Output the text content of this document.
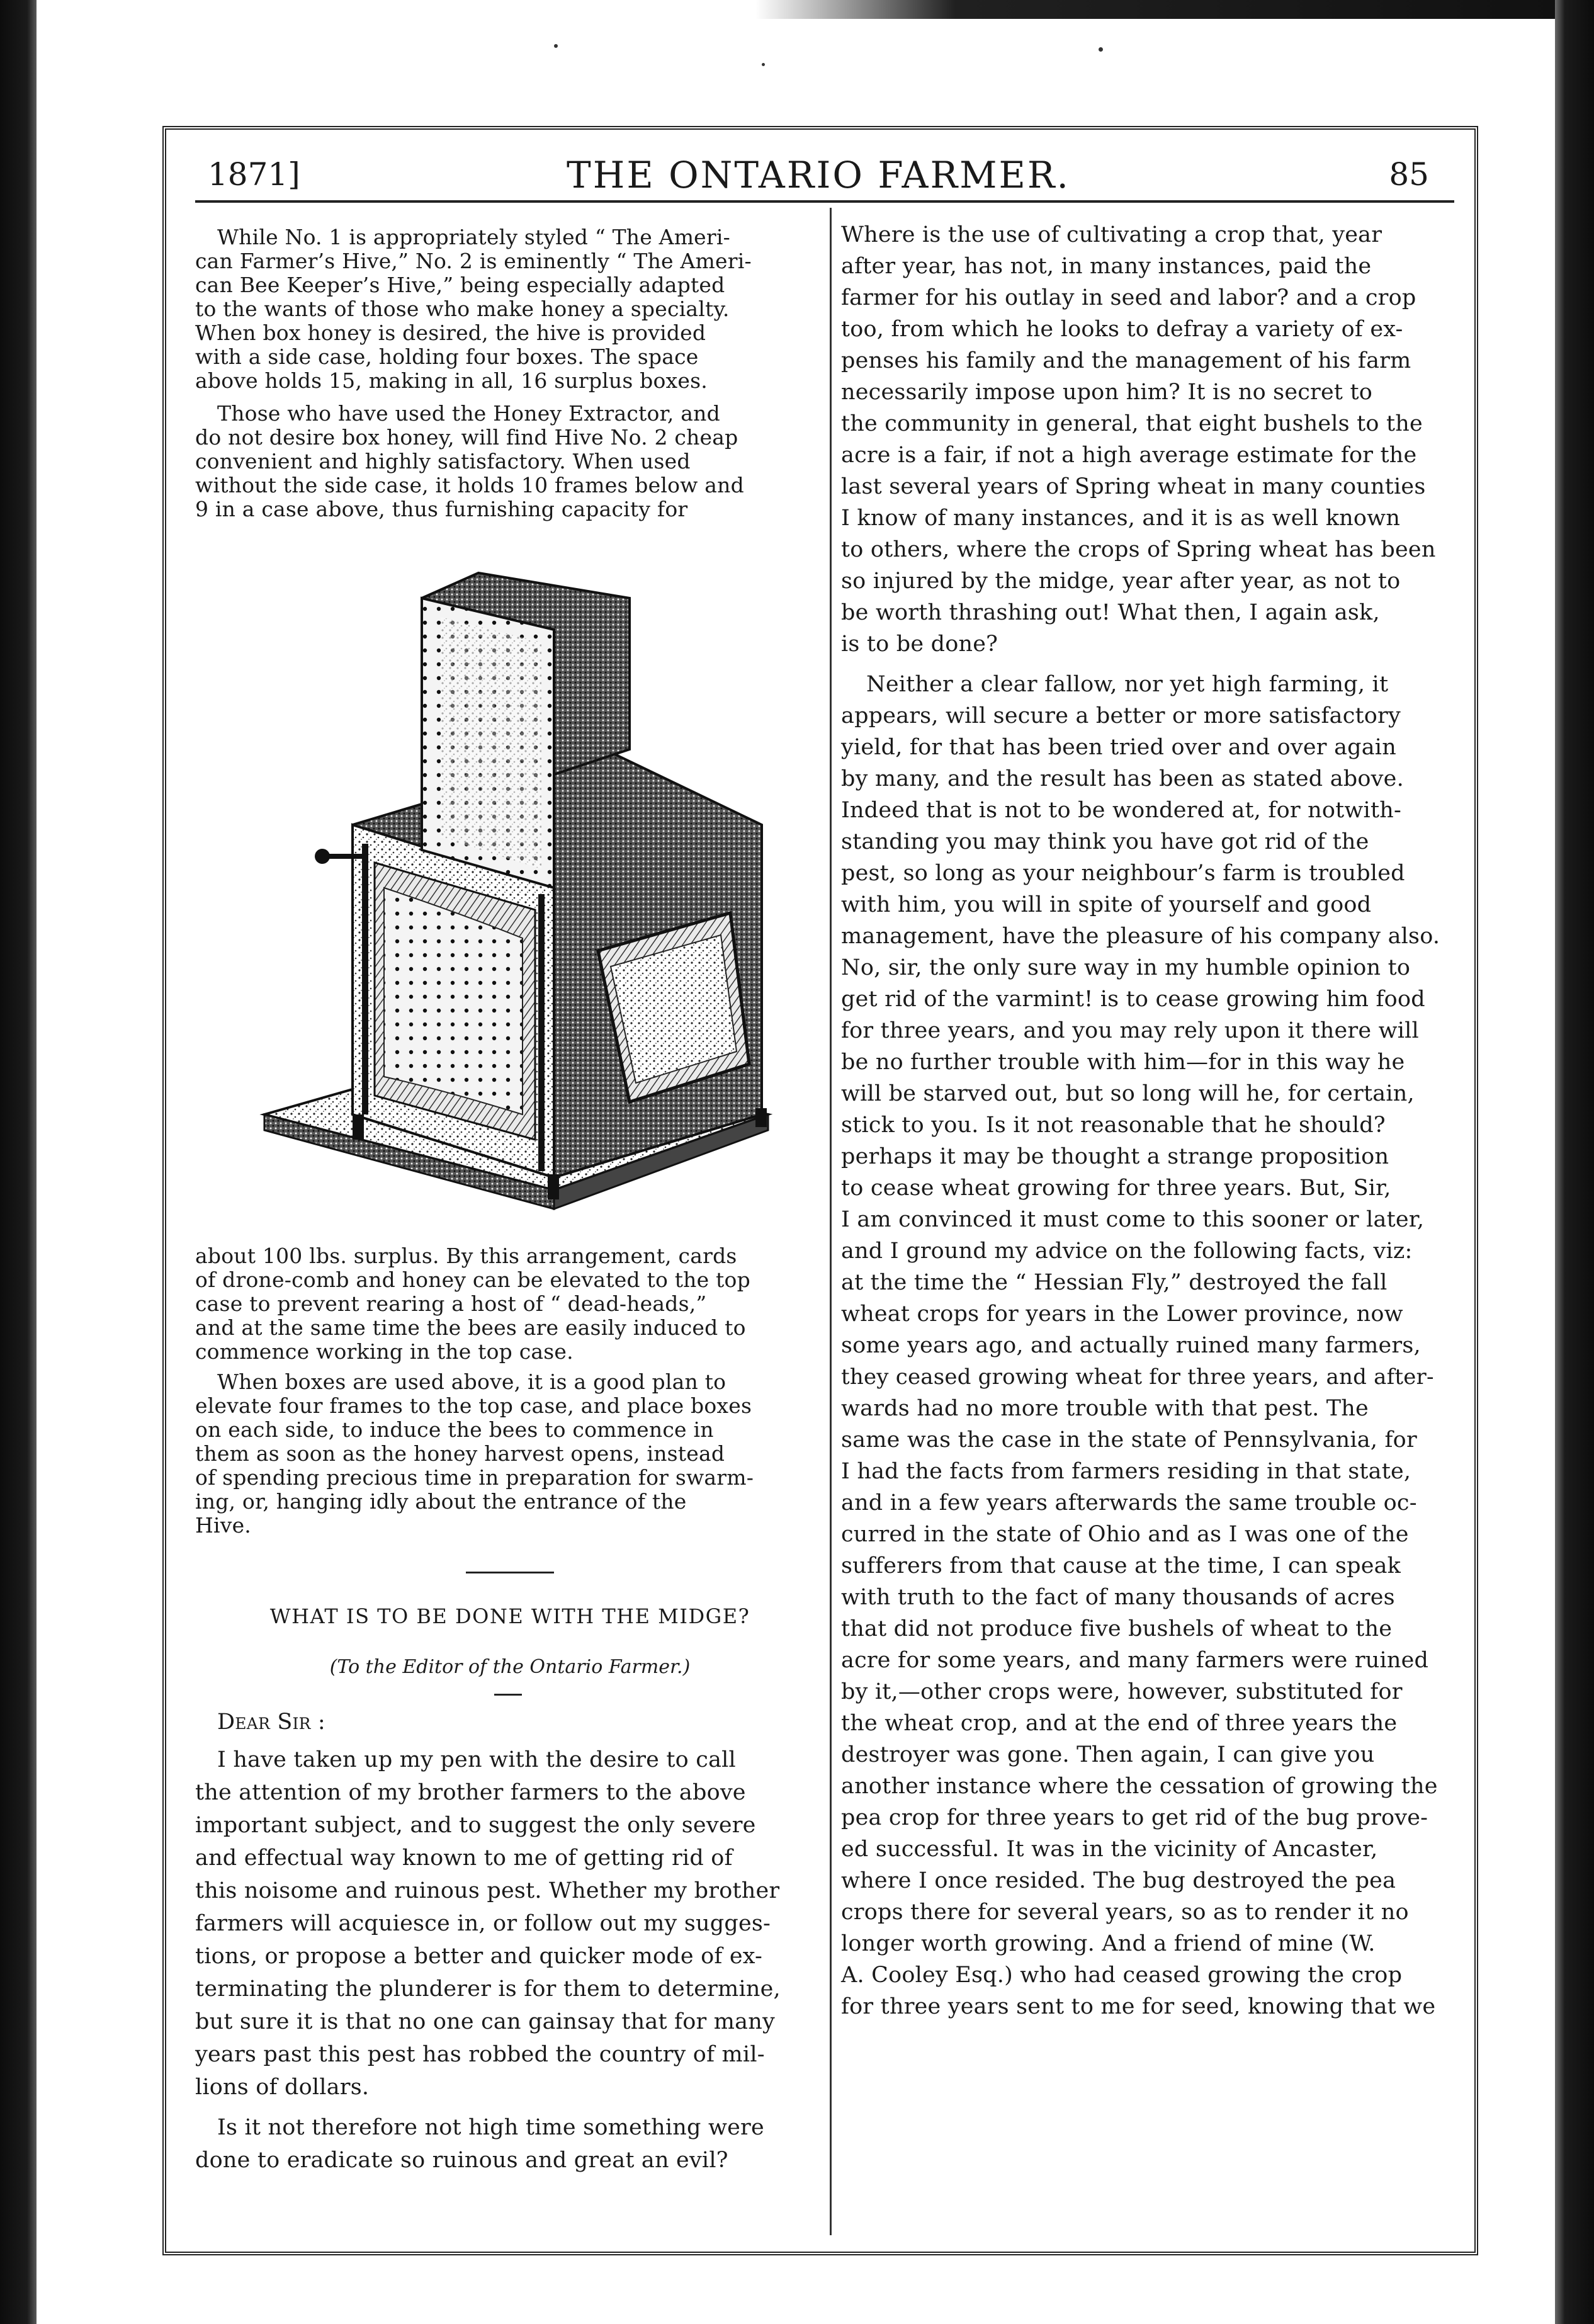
1871]	THE ONTARIO FARMER.	85
While No. 1 is appropriately styled “ The Ameri-
can Farmer’s Hive,” No. 2 is eminently “ The Ameri-
can Bee Keeper’s Hive,” being especially adapted
to the wants of those who make honey a specialty.
When box honey is desired, the hive is provided
with a side case, holding four boxes. The space
above holds 15, making in all, 16 surplus boxes.
Those who have used the Honey Extractor, and
do not desire box honey, will find Hive No. 2 cheap
convenient and highly satisfactory. When used
without the side case, it holds 10 frames below and
9 in a case above, thus furnishing capacity for
about 100 lbs. surplus. By this arrangement, cards
of drone-comb and honey can be elevated to the top
case to prevent rearing a host of “ dead-heads,”
and at the same time the bees are easily induced to
commence working in the top case.
When boxes are used above, it is a good plan to
elevate four frames to the top case, and place boxes
on each side, to induce the bees to commence in
them as soon as the honey harvest opens, instead
of spending precious time in preparation for swarm-
ing, or, hanging idly about the entrance of the
Hive.
WHAT IS TO BE DONE WITH THE MIDGE?
(To the Editor of the Ontario Farmer.)
Dear Sir :
I have taken up my pen with the desire to call
the attention of my brother farmers to the above
important subject, and to suggest the only severe
and effectual way known to me of getting rid of
this noisome and ruinous pest. Whether my brother
farmers will acquiesce in, or follow out my sugges-
tions, or propose a better and quicker mode of ex-
terminating the plunderer is for them to determine,
but sure it is that no one can gainsay that for many
years past this pest has robbed the country of mil-
lions of dollars.
Is it not therefore not high time something were
done to eradicate so ruinous and great an evil?
Where is the use of cultivating a crop that, year
after year, has not, in many instances, paid the
farmer for his outlay in seed and labor? and a crop
too, from which he looks to defray a variety of ex-
penses his family and the management of his farm
necessarily impose upon him? It is no secret to
the community in general, that eight bushels to the
acre is a fair, if not a high average estimate for the
last several years of Spring wheat in many counties
I know of many instances, and it is as well known
to others, where the crops of Spring wheat has been
so injured by the midge, year after year, as not to
be worth thrashing out! What then, I again ask,
is to be done?
Neither a clear fallow, nor yet high farming, it
appears, will secure a better or more satisfactory
yield, for that has been tried over and over again
by many, and the result has been as stated above.
Indeed that is not to be wondered at, for notwith-
standing you may think you have got rid of the
pest, so long as your neighbour’s farm is troubled
with him, you will in spite of yourself and good
management, have the pleasure of his company also.
No, sir, the only sure way in my humble opinion to
get rid of the varmint! is to cease growing him food
for three years, and you may rely upon it there will
be no further trouble with him—for in this way he
will be starved out, but so long will he, for certain,
stick to you. Is it not reasonable that he should?
perhaps it may be thought a strange proposition
to cease wheat growing for three years. But, Sir,
I am convinced it must come to this sooner or later,
and I ground my advice on the following facts, viz:
at the time the “ Hessian Fly,” destroyed the fall
wheat crops for years in the Lower province, now
some years ago, and actually ruined many farmers,
they ceased growing wheat for three years, and after-
wards had no more trouble with that pest. The
same was the case in the state of Pennsylvania, for
I had the facts from farmers residing in that state,
and in a few years afterwards the same trouble oc-
curred in the state of Ohio and as I was one of the
sufferers from that cause at the time, I can speak
with truth to the fact of many thousands of acres
that did not produce five bushels of wheat to the
acre for some years, and many farmers were ruined
by it,—other crops were, however, substituted for
the wheat crop, and at the end of three years the
destroyer was gone. Then again, I can give you
another instance where the cessation of growing the
pea crop for three years to get rid of the bug prove-
ed successful. It was in the vicinity of Ancaster,
where I once resided. The bug destroyed the pea
crops there for several years, so as to render it no
longer worth growing. And a friend of mine (W.
A. Cooley Esq.) who had ceased growing the crop
for three years sent to me for seed, knowing that we
